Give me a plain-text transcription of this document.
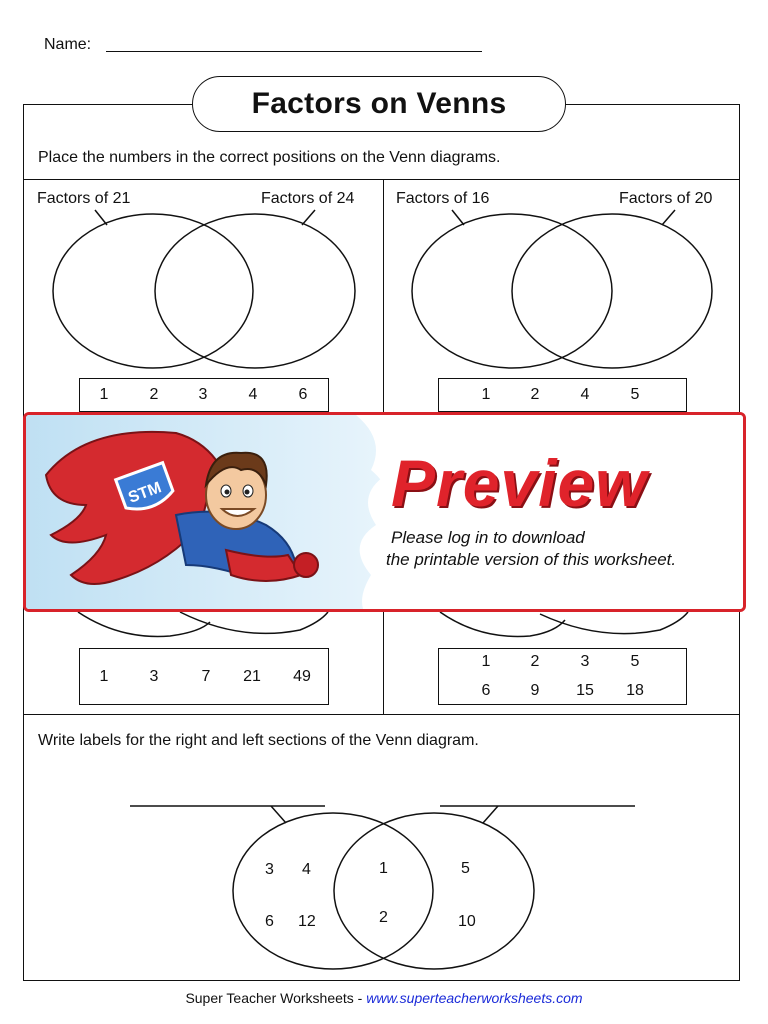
Name:
Factors on Venns
Place the numbers in the correct positions on the Venn diagrams.
Factors of 21	Factors of 24
1	2	3	4	6
Factors of 16	Factors of 20
1	2	4	5
1	3	7 21 49
1	2	3	5
6	9 15 18
STM	Preview
Please log in to download
the printable version of this worksheet.
Write labels for the right and left sections of the Venn diagram.
3 4
6 12
1
2
5
10
Super Teacher Worksheets - www.superteacherworksheets.com
